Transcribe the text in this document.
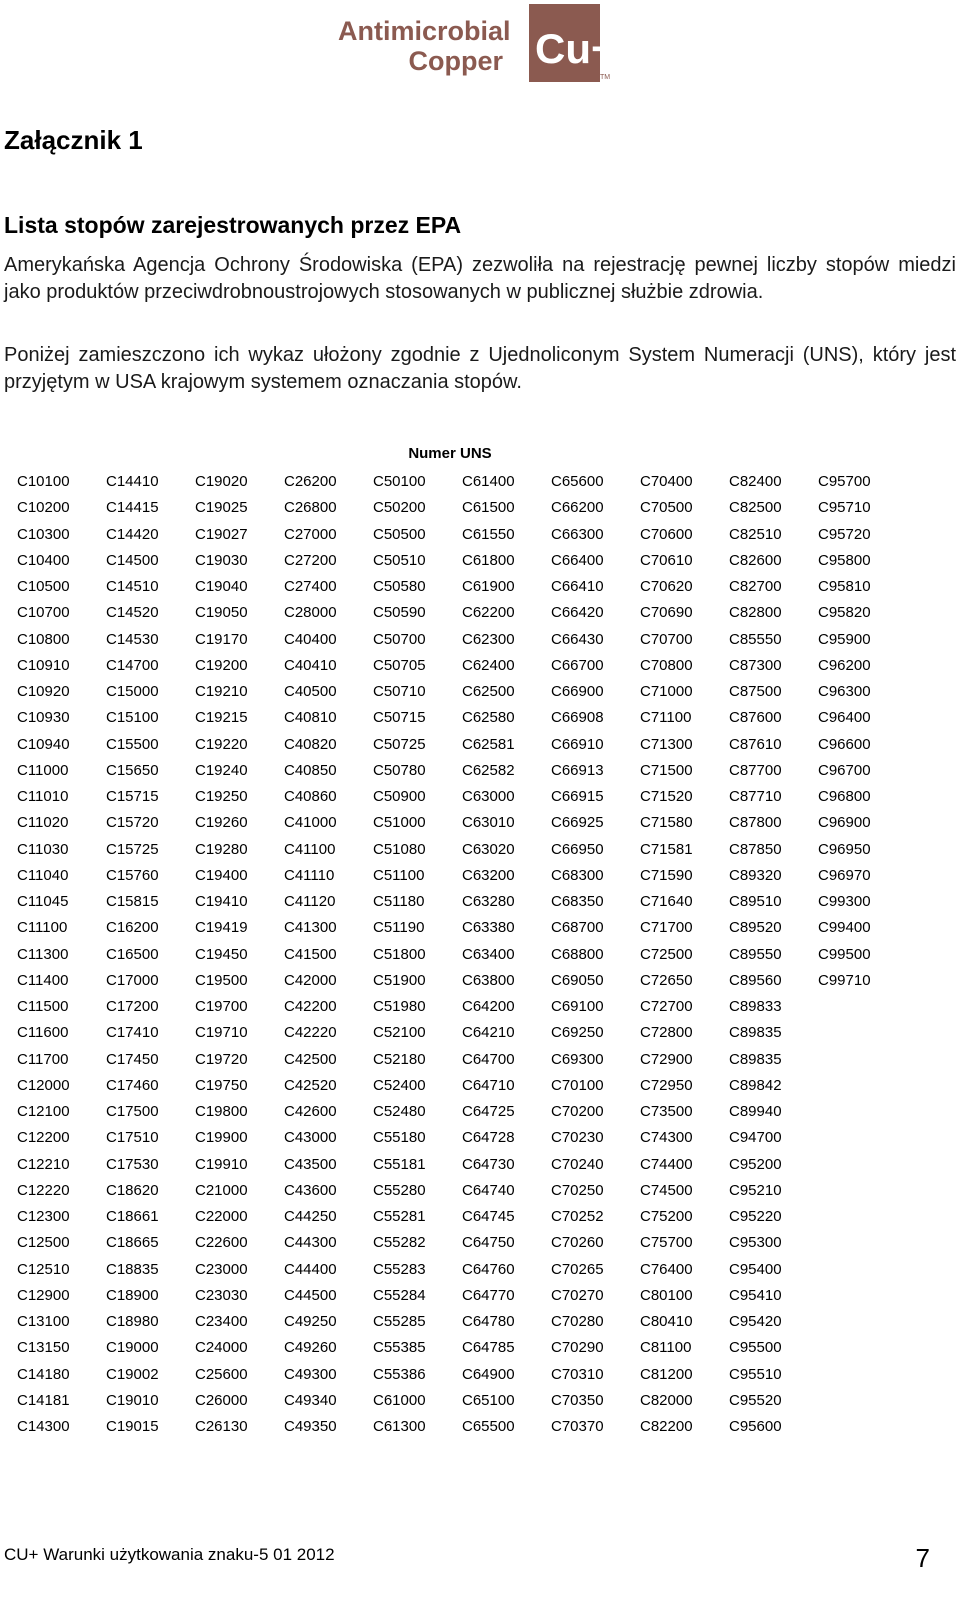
Antimicrobial
Copper Cu+
TM
Załącznik 1
Lista stopów zarejestrowanych przez EPA

Amerykańska Agencja Ochrony Środowiska (EPA) zezwoliła na rejestrację pewnej liczby stopów miedzi jako produktów przeciwdrobnoustrojowych stosowanych w publicznej służbie zdrowia.

Poniżej zamieszczono ich wykaz ułożony zgodnie z Ujednoliconym System Numeracji (UNS), który jest przyjętym w USA krajowym systemem oznaczania stopów.

Numer UNS
C10100	C14410	C19020	C26200	C50100	C61400	C65600	C70400	C82400	C95700
C10200	C14415	C19025	C26800	C50200	C61500	C66200	C70500	C82500	C95710
C10300	C14420	C19027	C27000	C50500	C61550	C66300	C70600	C82510	C95720
C10400	C14500	C19030	C27200	C50510	C61800	C66400	C70610	C82600	C95800
C10500	C14510	C19040	C27400	C50580	C61900	C66410	C70620	C82700	C95810
C10700	C14520	C19050	C28000	C50590	C62200	C66420	C70690	C82800	C95820
C10800	C14530	C19170	C40400	C50700	C62300	C66430	C70700	C85550	C95900
C10910	C14700	C19200	C40410	C50705	C62400	C66700	C70800	C87300	C96200
C10920	C15000	C19210	C40500	C50710	C62500	C66900	C71000	C87500	C96300
C10930	C15100	C19215	C40810	C50715	C62580	C66908	C71100	C87600	C96400
C10940	C15500	C19220	C40820	C50725	C62581	C66910	C71300	C87610	C96600
C11000	C15650	C19240	C40850	C50780	C62582	C66913	C71500	C87700	C96700
C11010	C15715	C19250	C40860	C50900	C63000	C66915	C71520	C87710	C96800
C11020	C15720	C19260	C41000	C51000	C63010	C66925	C71580	C87800	C96900
C11030	C15725	C19280	C41100	C51080	C63020	C66950	C71581	C87850	C96950
C11040	C15760	C19400	C41110	C51100	C63200	C68300	C71590	C89320	C96970
C11045	C15815	C19410	C41120	C51180	C63280	C68350	C71640	C89510	C99300
C11100	C16200	C19419	C41300	C51190	C63380	C68700	C71700	C89520	C99400
C11300	C16500	C19450	C41500	C51800	C63400	C68800	C72500	C89550	C99500
C11400	C17000	C19500	C42000	C51900	C63800	C69050	C72650	C89560	C99710
C11500	C17200	C19700	C42200	C51980	C64200	C69100	C72700	C89833
C11600	C17410	C19710	C42220	C52100	C64210	C69250	C72800	C89835
C11700	C17450	C19720	C42500	C52180	C64700	C69300	C72900	C89835
C12000	C17460	C19750	C42520	C52400	C64710	C70100	C72950	C89842
C12100	C17500	C19800	C42600	C52480	C64725	C70200	C73500	C89940
C12200	C17510	C19900	C43000	C55180	C64728	C70230	C74300	C94700
C12210	C17530	C19910	C43500	C55181	C64730	C70240	C74400	C95200
C12220	C18620	C21000	C43600	C55280	C64740	C70250	C74500	C95210
C12300	C18661	C22000	C44250	C55281	C64745	C70252	C75200	C95220
C12500	C18665	C22600	C44300	C55282	C64750	C70260	C75700	C95300
C12510	C18835	C23000	C44400	C55283	C64760	C70265	C76400	C95400
C12900	C18900	C23030	C44500	C55284	C64770	C70270	C80100	C95410
C13100	C18980	C23400	C49250	C55285	C64780	C70280	C80410	C95420
C13150	C19000	C24000	C49260	C55385	C64785	C70290	C81100	C95500
C14180	C19002	C25600	C49300	C55386	C64900	C70310	C81200	C95510
C14181	C19010	C26000	C49340	C61000	C65100	C70350	C82000	C95520
C14300	C19015	C26130	C49350	C61300	C65500	C70370	C82200	C95600
CU+ Warunki użytkowania znaku-5 01 2012	7
